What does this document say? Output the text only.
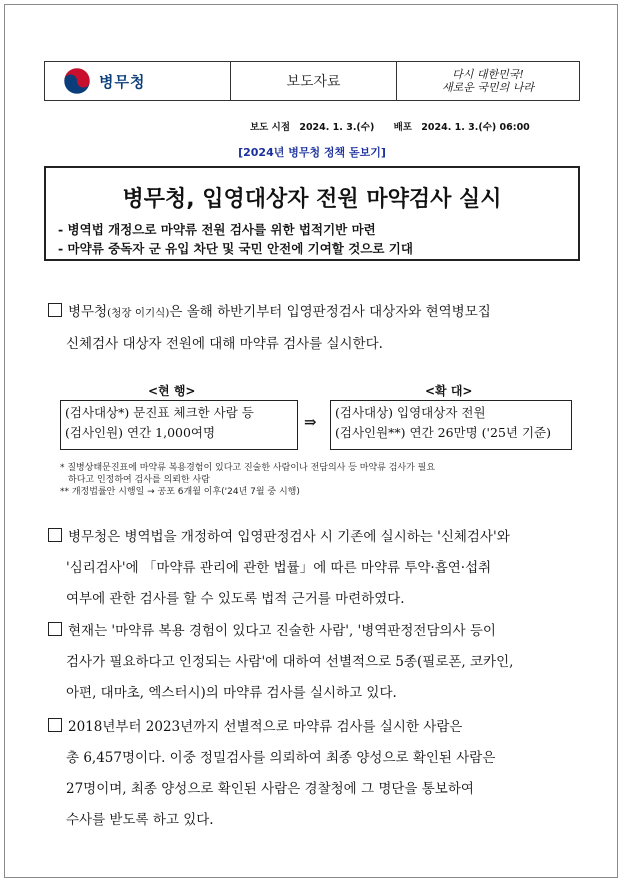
병무청	보도자료	다시 대한민국!
새로운 국민의 나라
보도 시점 2024. 1. 3.(수) 배포 2024. 1. 3.(수) 06:00
[2024년 병무청 정책 돋보기]
병무청, 입영대상자 전원 마약검사 실시
- 병역법 개정으로 마약류 전원 검사를 위한 법적기반 마련
- 마약류 중독자 군 유입 차단 및 국민 안전에 기여할 것으로 기대
병무청(청장 이기식)은 올해 하반기부터 입영판정검사 대상자와 현역병모집
신체검사 대상자 전원에 대해 마약류 검사를 실시한다.
<현 행>	<확 대>
(검사대상*) 문진표 체크한 사람 등
(검사인원) 연간 1,000여명
⇒
(검사대상) 입영대상자 전원
(검사인원**) 연간 26만명 ('25년 기준)
* 질병상태문진표에 마약류 복용경험이 있다고 진술한 사람이나 전담의사 등 마약류 검사가 필요
하다고 인정하여 검사를 의뢰한 사람
** 개정법률안 시행일 → 공포 6개월 이후('24년 7월 중 시행)
병무청은 병역법을 개정하여 입영판정검사 시 기존에 실시하는 '신체검사'와
'심리검사'에 「마약류 관리에 관한 법률」에 따른 마약류 투약·흡연·섭취
여부에 관한 검사를 할 수 있도록 법적 근거를 마련하였다.
현재는 '마약류 복용 경험이 있다고 진술한 사람', '병역판정전담의사 등이
검사가 필요하다고 인정되는 사람'에 대하여 선별적으로 5종(필로폰, 코카인,
아편, 대마초, 엑스터시)의 마약류 검사를 실시하고 있다.
2018년부터 2023년까지 선별적으로 마약류 검사를 실시한 사람은
총 6,457명이다. 이중 정밀검사를 의뢰하여 최종 양성으로 확인된 사람은
27명이며, 최종 양성으로 확인된 사람은 경찰청에 그 명단을 통보하여
수사를 받도록 하고 있다.
